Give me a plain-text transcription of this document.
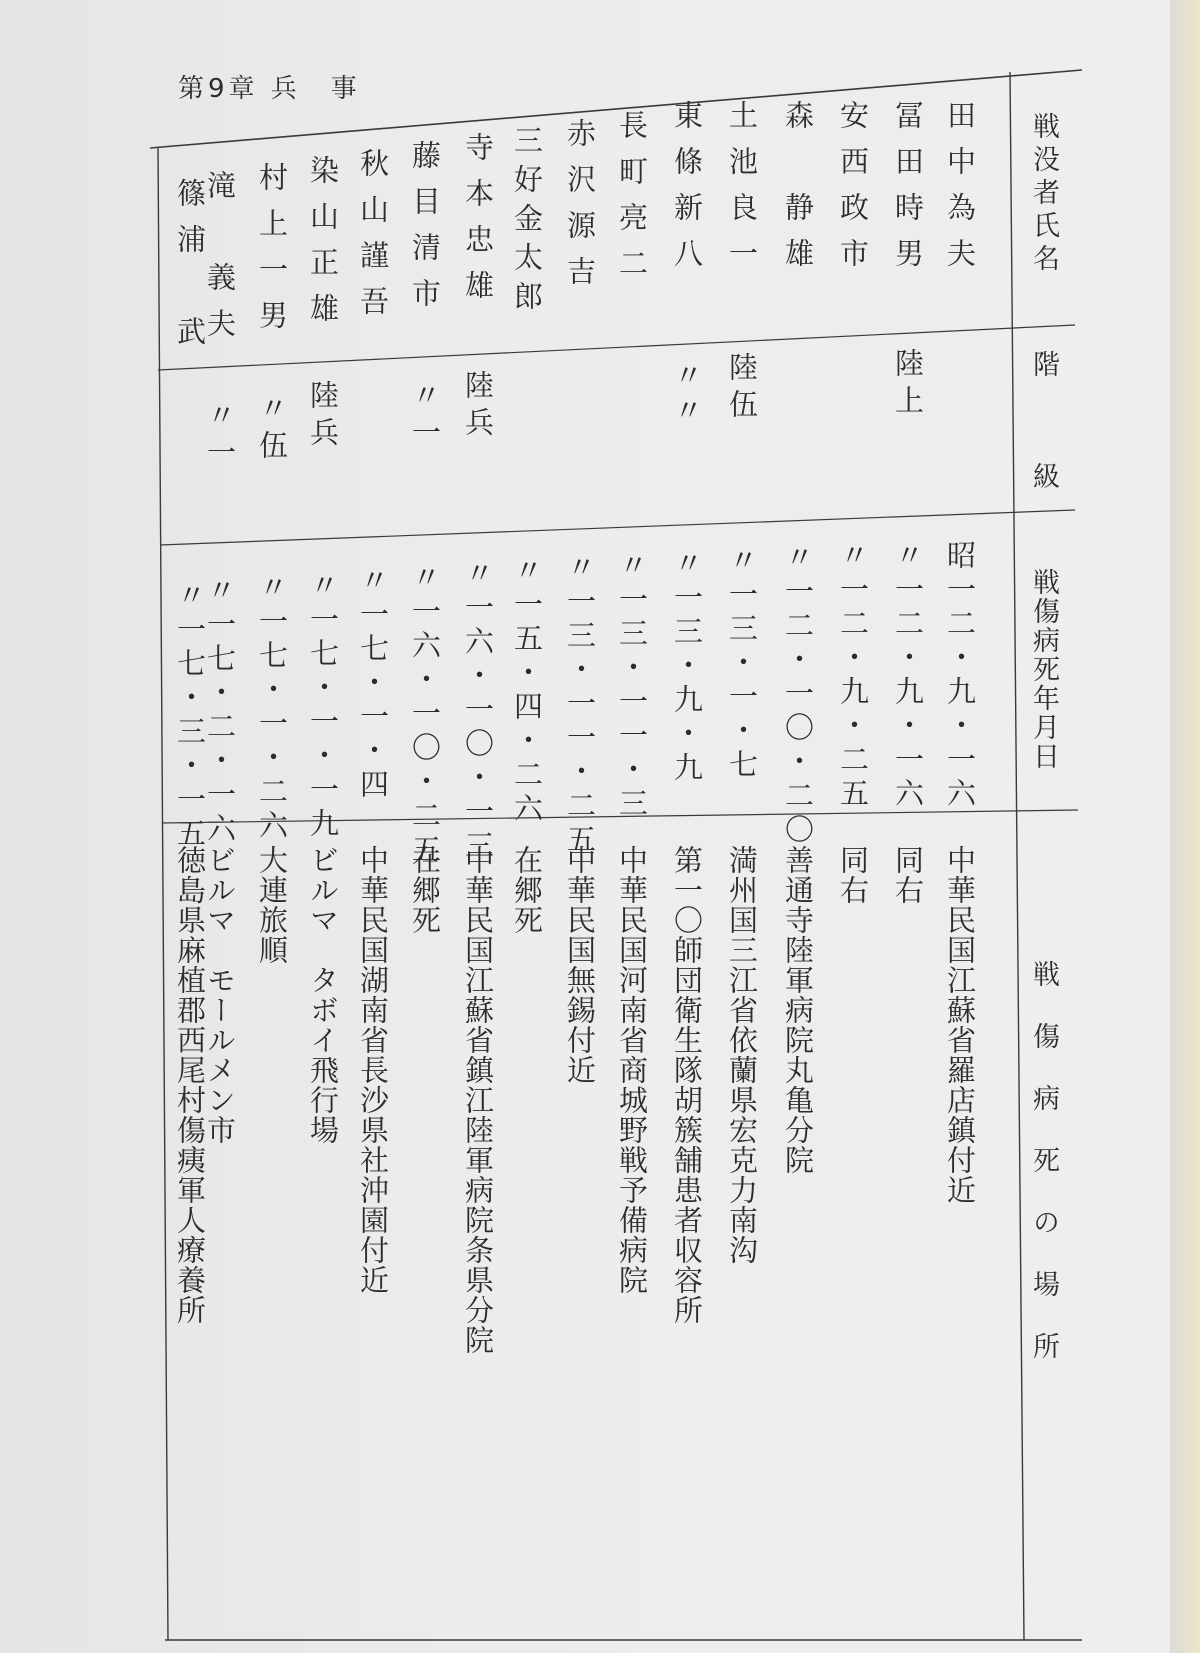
第9章 兵　事
戦没者氏名
階
級
戦傷病死年月日
戦　傷　病　死　の　場　所
田中為夫
昭一二・九・一六
中華民国江蘇省羅店鎮付近
冨田時男
陸上
〃一二・九・一六
同右
安西政市
〃一二・九・二五
同右
森　静雄
〃一二・一〇・二〇
善通寺陸軍病院丸亀分院
土池良一
陸伍
〃一三・一・七
満州国三江省依蘭県宏克力南沟
東條新八
〃
〃一三・九・九
第一〇師団衛生隊胡簇舗患者収容所
長町亮二
〃
〃一三・一一・三
中華民国河南省商城野戦予備病院
赤沢源吉
〃一三・一一・二五
中華民国無錫付近
三好金太郎
〃一五・四・二六
在郷死
寺本忠雄
陸兵
〃一六・一〇・一三
中華民国江蘇省鎮江陸軍病院条県分院
藤目清市
〃一
〃一六・一〇・二五
在郷死
秋山謹吾
〃一七・一・四
中華民国湖南省長沙県社沖園付近
染山正雄
陸兵
〃一七・一・一九
ビルマ　タボイ飛行場
村上一男
〃伍
〃一七・一・二六
大連旅順
滝　義夫
〃一
〃一七・二・一六
ビルマ　モールメン市
篠浦　武
〃一七・三・一五
徳島県麻植郡西尾村傷痍軍人療養所
